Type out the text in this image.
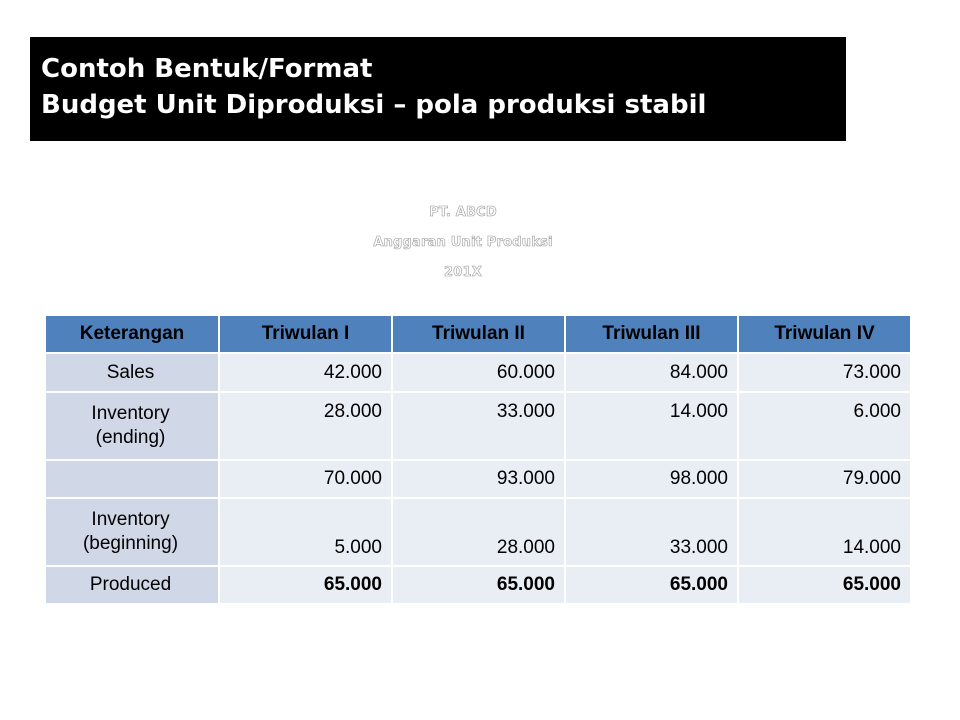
Contoh Bentuk/Format
Budget Unit Diproduksi – pola produksi stabil
PT. ABCD
Anggaran Unit Produksi
201X
Keterangan	Triwulan I	Triwulan II	Triwulan III	Triwulan IV
Sales	42.000	60.000	84.000	73.000

Inventory
(ending)	28.000	33.000	14.000	6.000
	70.000	93.000	98.000	79.000

Inventory
(beginning)	5.000	28.000	33.000	14.000
Produced	65.000	65.000	65.000	65.000
